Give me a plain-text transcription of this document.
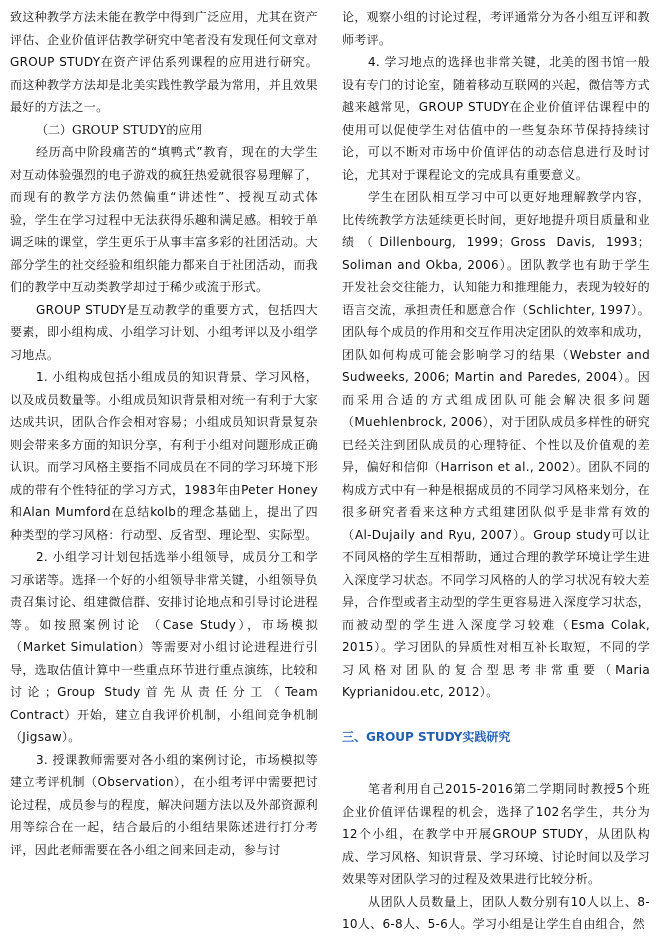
致这种教学方法未能在教学中得到广泛应用，尤其在资产评估、企业价值评估教学研究中笔者没有发现任何文章对GROUP STUDY在资产评估系列课程的应用进行研究。而这种教学方法却是北美实践性教学最为常用，并且效果最好的方法之一。

（二）GROUP STUDY的应用

经历高中阶段痛苦的“填鸭式”教育，现在的大学生对互动体验强烈的电子游戏的疯狂热爱就很容易理解了，而现有的教学方法仍然偏重“讲述性”、授视互动式体验，学生在学习过程中无法获得乐趣和满足感。相较于单调乏味的课堂，学生更乐于从事丰富多彩的社团活动。大部分学生的社交经验和组织能力都来自于社团活动，而我们的教学中互动类教学却过于稀少或流于形式。

GROUP STUDY是互动教学的重要方式，包括四大要素，即小组构成、小组学习计划、小组考评以及小组学习地点。

1. 小组构成包括小组成员的知识背景、学习风格，以及成员数量等。小组成员知识背景相对统一有利于大家达成共识，团队合作会相对容易；小组成员知识背景复杂则会带来多方面的知识分享，有利于小组对问题形成正确认识。而学习风格主要指不同成员在不同的学习环境下形成的带有个性特征的学习方式，1983年由Peter Honey和Alan Mumford在总结kolb的理念基础上，提出了四种类型的学习风格：行动型、反省型、理论型、实际型。

2. 小组学习计划包括选举小组领导，成员分工和学习承诺等。选择一个好的小组领导非常关键，小组领导负责召集讨论、组建微信群、安排讨论地点和引导讨论进程等。如按照案例讨论 （Case Study），市场模拟（Market Simulation）等需要对小组讨论进程进行引导，选取估值计算中一些重点环节进行重点演练，比较和讨论；Group Study首先从责任分工（Team Contract）开始，建立自我评价机制，小组间竞争机制（Jigsaw）。

3. 授课教师需要对各小组的案例讨论，市场模拟等建立考评机制（Observation），在小组考评中需要把讨论过程，成员参与的程度，解决问题方法以及外部资源利用等综合在一起，结合最后的小组结果陈述进行打分考评，因此老师需要在各小组之间来回走动，参与讨

论，观察小组的讨论过程，考评通常分为各小组互评和教师考评。

4. 学习地点的选择也非常关键，北美的图书馆一般设有专门的讨论室，随着移动互联网的兴起，微信等方式越来越常见，GROUP STUDY在企业价值评估课程中的使用可以促使学生对估值中的一些复杂环节保持持续讨论，可以不断对市场中价值评估的动态信息进行及时讨论，尤其对于课程论文的完成具有重要意义。

学生在团队相互学习中可以更好地理解教学内容，比传统教学方法延续更长时间，更好地提升项目质量和业绩（Dillenbourg, 1999；Gross Davis, 1993；Soliman and Okba, 2006）。团队教学也有助于学生开发社会交往能力，认知能力和推理能力，表现为较好的语言交流，承担责任和愿意合作（Schlichter, 1997）。团队每个成员的作用和交互作用决定团队的效率和成功，团队如何构成可能会影响学习的结果（Webster and Sudweeks, 2006; Martin and Paredes, 2004）。因而采用合适的方式组成团队可能会解决很多问题（Muehlenbrock, 2006），对于团队成员多样性的研究已经关注到团队成员的心理特征、个性以及价值观的差异，偏好和信仰（Harrison et al., 2002）。团队不同的构成方式中有一种是根据成员的不同学习风格来划分，在很多研究者看来这种方式组建团队似乎是非常有效的（Al-Dujaily and Ryu, 2007）。Group study可以让不同风格的学生互相帮助，通过合理的教学环境让学生进入深度学习状态。不同学习风格的人的学习状况有较大差异，合作型或者主动型的学生更容易进入深度学习状态，而被动型的学生进入深度学习较难（Esma Colak, 2015）。学习团队的异质性对相互补长取短，不同的学习风格对团队的复合型思考非常重要（Maria Kyprianidou.etc, 2012）。

三、GROUP STUDY实践研究

笔者利用自己2015-2016第二学期同时教授5个班企业价值评估课程的机会，选择了102名学生，共分为12个小组，在教学中开展GROUP STUDY，从团队构成、学习风格、知识背景、学习环境、讨论时间以及学习效果等对团队学习的过程及效果进行比较分析。

从团队人员数量上，团队人数分别有10人以上、8-10人、6-8人、5-6人。学习小组是让学生自由组合，然
